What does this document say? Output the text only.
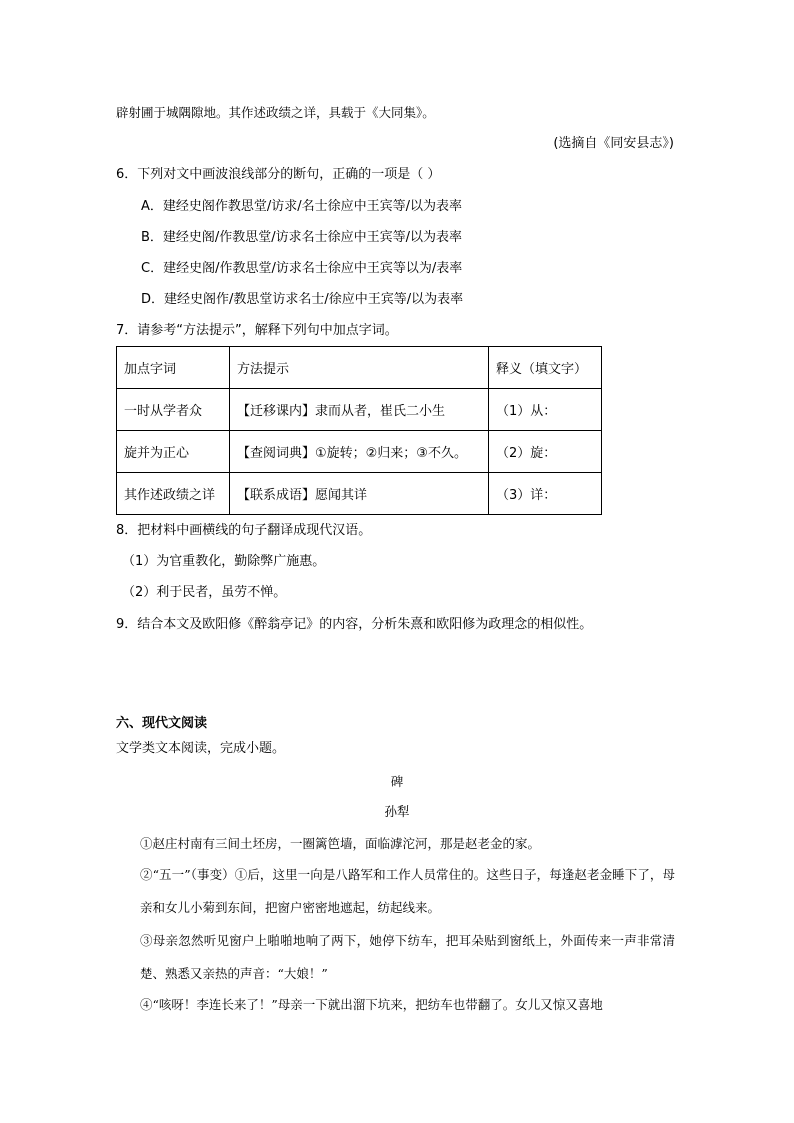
辟射圃于城隅隙地。其作述政绩之详，具载于《大同集》。
(选摘自《同安县志》)
6．下列对文中画波浪线部分的断句，正确的一项是（ ）
A．建经史阁作教思堂/访求/名士徐应中王宾等/以为表率
B．建经史阁/作教思堂/访求名士徐应中王宾等/以为表率
C．建经史阁/作教思堂/访求名士徐应中王宾等以为/表率
D．建经史阁作/教思堂访求名士/徐应中王宾等/以为表率
7．请参考“方法提示”，解释下列句中加点字词。
加点字词	方法提示	释义（填文字）
一时从学者众	【迁移课内】隶而从者，崔氏二小生	（1）从：
旋并为正心	【查阅词典】①旋转；②归来；③不久。	（2）旋：
其作述政绩之详	【联系成语】愿闻其详	（3）详：
8．把材料中画横线的句子翻译成现代汉语。
（1）为官重教化，勤除弊广施惠。
（2）利于民者，虽劳不惮。
9．结合本文及欧阳修《醉翁亭记》的内容，分析朱熹和欧阳修为政理念的相似性。
六、现代文阅读
文学类文本阅读，完成小题。
碑
孙犁
①赵庄村南有三间土坯房，一圈篱笆墙，面临滹沱河，那是赵老金的家。
②“五一”（事变）①后，这里一向是八路军和工作人员常住的。这些日子，每逢赵老金睡下了，母亲和女儿小菊到东间，把窗户密密地遮起，纺起线来。
③母亲忽然听见窗户上啪啪地响了两下，她停下纺车，把耳朵贴到窗纸上，外面传来一声非常清楚、熟悉又亲热的声音：“大娘！”
④“咳呀！李连长来了！”母亲一下就出溜下坑来，把纺车也带翻了。女儿又惊又喜地
